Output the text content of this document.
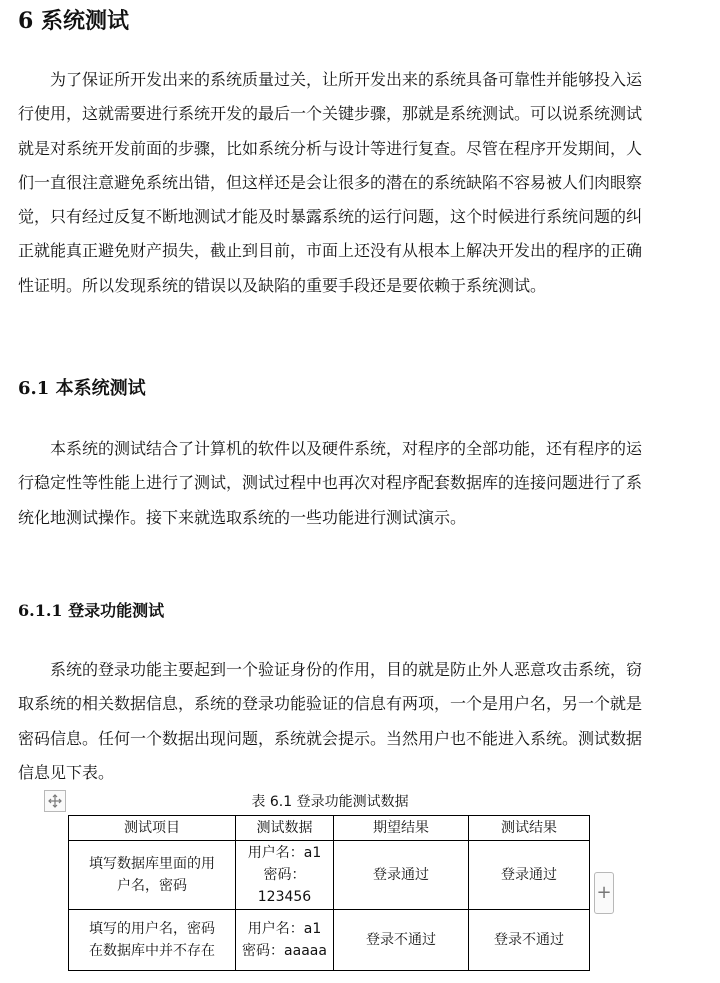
6 系统测试

为了保证所开发出来的系统质量过关，让所开发出来的系统具备可靠性并能够投入运行使用，这就需要进行系统开发的最后一个关键步骤，那就是系统测试。可以说系统测试就是对系统开发前面的步骤，比如系统分析与设计等进行复查。尽管在程序开发期间，人们一直很注意避免系统出错，但这样还是会让很多的潜在的系统缺陷不容易被人们肉眼察觉，只有经过反复不断地测试才能及时暴露系统的运行问题，这个时候进行系统问题的纠正就能真正避免财产损失，截止到目前，市面上还没有从根本上解决开发出的程序的正确性证明。所以发现系统的错误以及缺陷的重要手段还是要依赖于系统测试。

6.1 本系统测试

本系统的测试结合了计算机的软件以及硬件系统，对程序的全部功能，还有程序的运行稳定性等性能上进行了测试，测试过程中也再次对程序配套数据库的连接问题进行了系统化地测试操作。接下来就选取系统的一些功能进行测试演示。

6.1.1 登录功能测试

系统的登录功能主要起到一个验证身份的作用，目的就是防止外人恶意攻击系统，窃取系统的相关数据信息，系统的登录功能验证的信息有两项，一个是用户名，另一个就是密码信息。任何一个数据出现问题，系统就会提示。当然用户也不能进入系统。测试数据信息见下表。

表 6.1 登录功能测试数据
测试项目	测试数据	期望结果	测试结果

填写数据库里面的用
户名，密码	用户名：a1
密码：
123456	登录通过	登录通过

填写的用户名，密码
在数据库中并不存在	用户名：a1
密码：aaaaa	登录不通过	登录不通过
+
